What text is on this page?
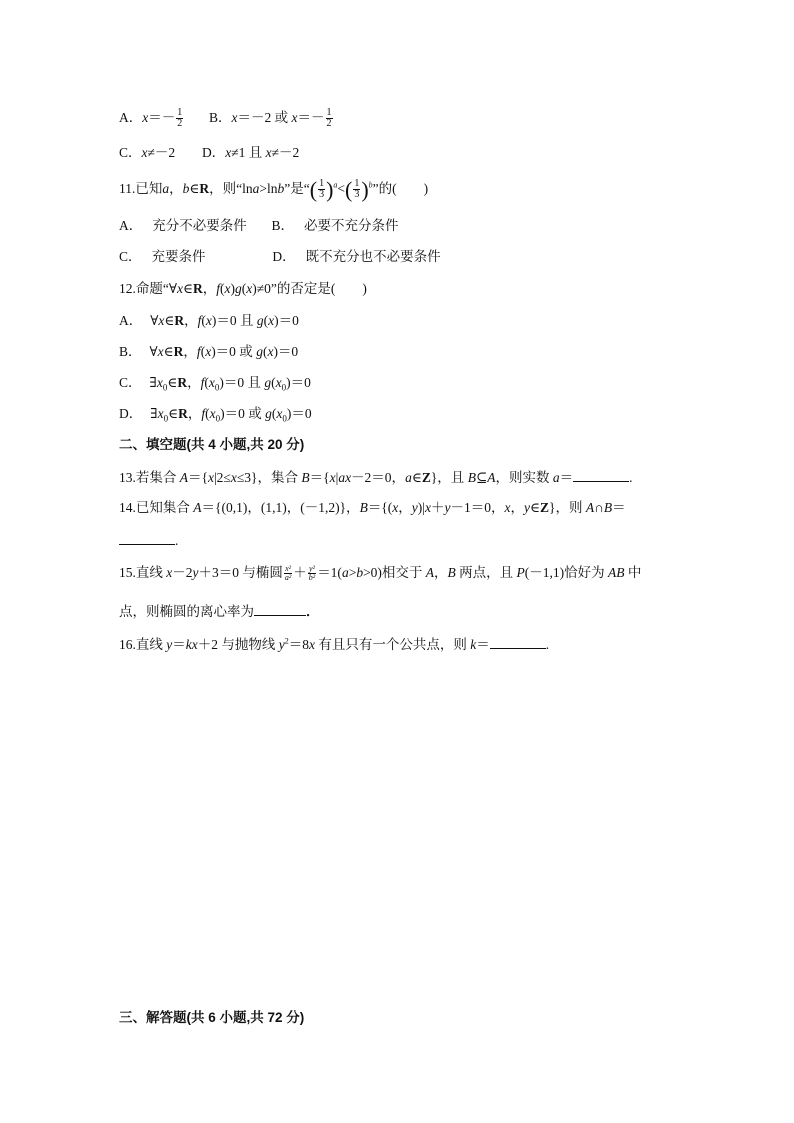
A．$x=- \frac{1}{2}$ B．x＝－2 或 $x=- \frac{1}{2}$
C．x≠－2 D．x≠1 且 x≠－2
11.已知a，b∈R，则“lna>lnb”是“( $\frac{1}{3} )^a<( \frac{1}{3} )^b$”的(　　)
A． 充分不必要条件 B． 必要不充分条件
C． 充要条件	D． 既不充分也不必要条件
12.命题“∀x∈R，f(x)g(x)≠0”的否定是(　　)
A． ∀x∈R，f(x)＝0 且 g(x)＝0
B． ∀x∈R，f(x)＝0 或 g(x)＝0
C． $\exists x_0\in R$，$f(x_0)=0$ 且 $g(x_0)=0$
D． $\exists x_0\in R$，$f(x_0)=0$ 或 $g(x_0)=0$
二、填空题(共 4 小题,共 20 分)
13.若集合 A＝{x|2≤x≤3}，集合 B＝{x|ax－2＝0，a∈Z}，且 B⊆A，则实数 a＝	.
14.已知集合 A＝{(0,1)，(1,1)，(－1,2)}，B＝{(x，y)|x＋y－1＝0，x，y∈Z}，则 A∩B＝
.
15.直线 x－2y＋3＝0 与椭圆 $\frac{\text{x²}}{\text{a²}} + \frac{\text{y²}}{\text{b²}} =1(a>b>0)$相交于 A，B 两点，且 P(－1,1)恰好为 AB 中
点，则椭圆的离心率为	．
16.直线 y＝kx＋2 与抛物线 $y^2=8x$ 有且只有一个公共点，则 k＝	.
三、解答题(共 6 小题,共 72 分)
